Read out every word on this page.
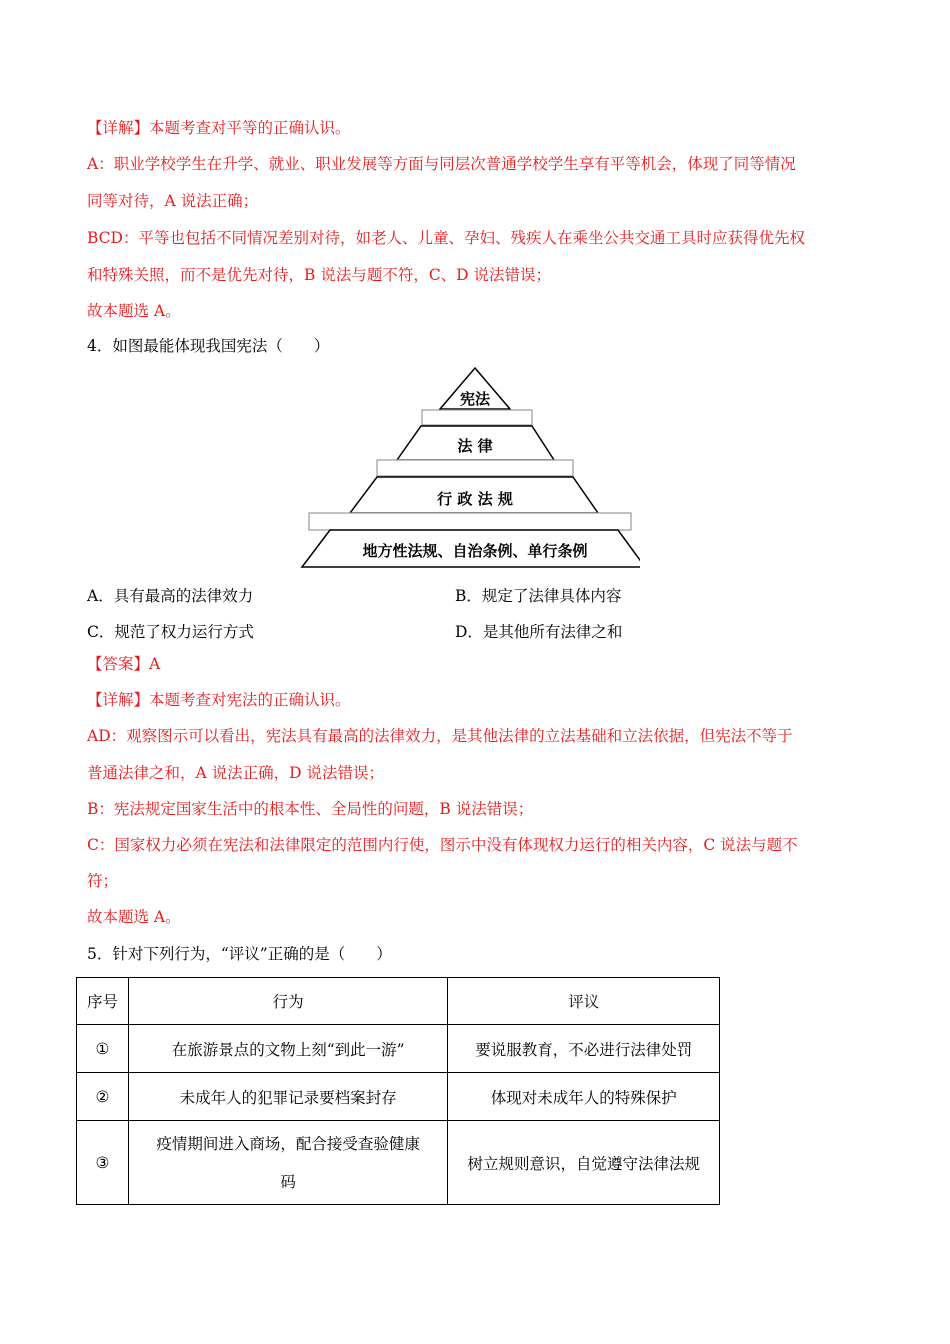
【详解】本题考查对平等的正确认识。
A：职业学校学生在升学、就业、职业发展等方面与同层次普通学校学生享有平等机会，体现了同等情况
同等对待，A 说法正确；
BCD：平等也包括不同情况差别对待，如老人、儿童、孕妇、残疾人在乘坐公共交通工具时应获得优先权
和特殊关照，而不是优先对待，B 说法与题不符，C、D 说法错误；
故本题选 A。
4．如图最能体现我国宪法（　　）
宪法
法 律
行 政 法 规
地方性法规、自治条例、单行条例
A．具有最高的法律效力	B．规定了法律具体内容
C．规范了权力运行方式	D．是其他所有法律之和
【答案】A
【详解】本题考查对宪法的正确认识。
AD：观察图示可以看出，宪法具有最高的法律效力，是其他法律的立法基础和立法依据，但宪法不等于
普通法律之和，A 说法正确，D 说法错误；
B：宪法规定国家生活中的根本性、全局性的问题，B 说法错误；
C：国家权力必须在宪法和法律限定的范围内行使，图示中没有体现权力运行的相关内容，C 说法与题不
符；
故本题选 A。
5．针对下列行为，“评议”正确的是（　　）
序号	行为	评议
①	在旅游景点的文物上刻“到此一游”	要说服教育，不必进行法律处罚
②	未成年人的犯罪记录要档案封存	体现对未成年人的特殊保护
③	疫情期间进入商场，配合接受查验健康码	树立规则意识，自觉遵守法律法规
